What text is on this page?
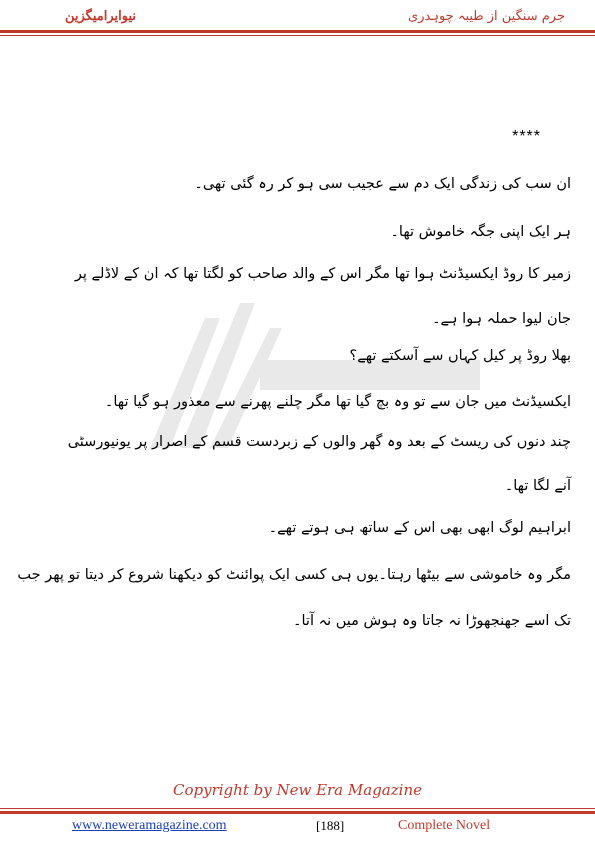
نیوایرامیگزین	جرم سنگین از طیبہ چوہدری
****
ان سب کی زندگی ایک دم سے عجیب سی ہو کر رہ گئی تھی۔
ہر ایک اپنی جگہ خاموش تھا۔
زمیر کا روڈ ایکسیڈنٹ ہوا تھا مگر اس کے والد صاحب کو لگتا تھا کہ ان کے لاڈلے پر
جان لیوا حملہ ہوا ہے۔
بھلا روڈ پر کیل کہاں سے آسکتے تھے؟
ایکسیڈنٹ میں جان سے تو وہ بچ گیا تھا مگر چلنے پھرنے سے معذور ہو گیا تھا۔
چند دنوں کی ریسٹ کے بعد وہ گھر والوں کے زبردست قسم کے اصرار پر یونیورسٹی
آنے لگا تھا۔
ابراہیم لوگ ابھی بھی اس کے ساتھ ہی ہوتے تھے۔
مگر وہ خاموشی سے بیٹھا رہتا۔یوں ہی کسی ایک پوائنٹ کو دیکھنا شروع کر دیتا تو پھر جب
تک اسے جھنجھوڑا نہ جاتا وہ ہوش میں نہ آتا۔
Copyright by New Era Magazine
www.neweramagazine.com	[188]	Complete Novel
